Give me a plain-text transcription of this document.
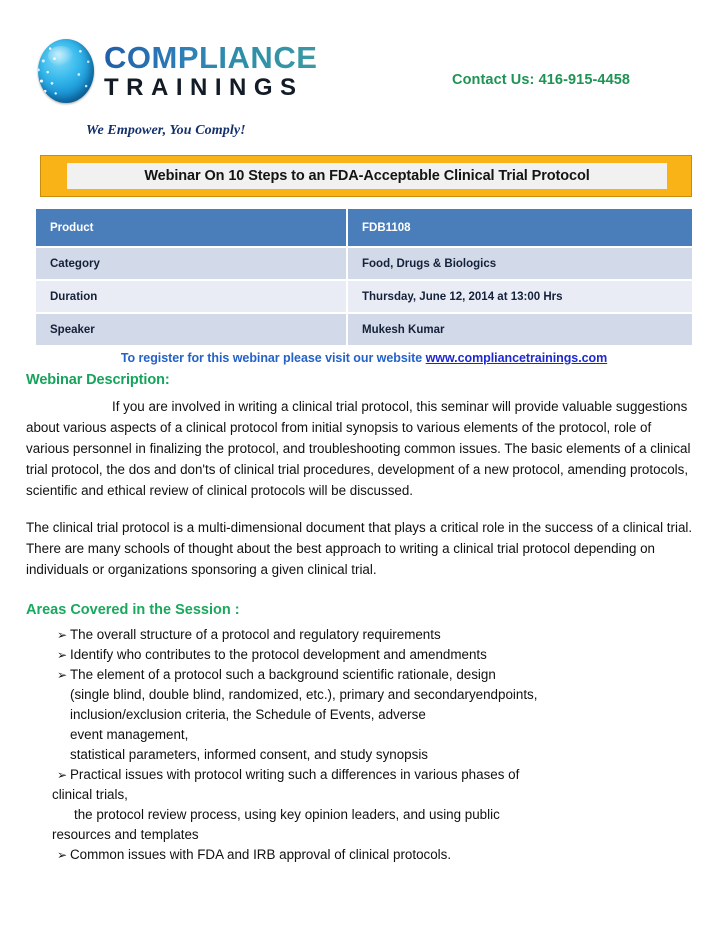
COMPLIANCE
TRAININGS
We Empower, You Comply!
Contact Us: 416-915-4458
Webinar On 10 Steps to an FDA-Acceptable Clinical Trial Protocol
Product	FDB1108
Category	Food, Drugs & Biologics
Duration	Thursday, June 12, 2014 at 13:00 Hrs
Speaker	Mukesh Kumar
To register for this webinar please visit our website www.compliancetrainings.com
Webinar Description:

If you are involved in writing a clinical trial protocol, this seminar will provide valuable suggestions about various aspects of a clinical protocol from initial synopsis to various elements of the protocol, role of various personnel in finalizing the protocol, and troubleshooting common issues. The basic elements of a clinical trial protocol, the dos and don'ts of clinical trial procedures, development of a new protocol, amending protocols, scientific and ethical review of clinical protocols will be discussed.

The clinical trial protocol is a multi-dimensional document that plays a critical role in the success of a clinical trial. There are many schools of thought about the best approach to writing a clinical trial protocol depending on individuals or organizations sponsoring a given clinical trial.

Areas Covered in the Session :
➢ The overall structure of a protocol and regulatory requirements
➢ Identify who contributes to the protocol development and amendments
➢ The element of a protocol such a background scientific rationale, design
(single blind, double blind, randomized, etc.), primary and secondaryendpoints,
inclusion/exclusion criteria, the Schedule of Events, adverse
event management,
statistical parameters, informed consent, and study synopsis
➢ Practical issues with protocol writing such a differences in various phases of
clinical trials,
the protocol review process, using key opinion leaders, and using public
resources and templates
➢ Common issues with FDA and IRB approval of clinical protocols.
